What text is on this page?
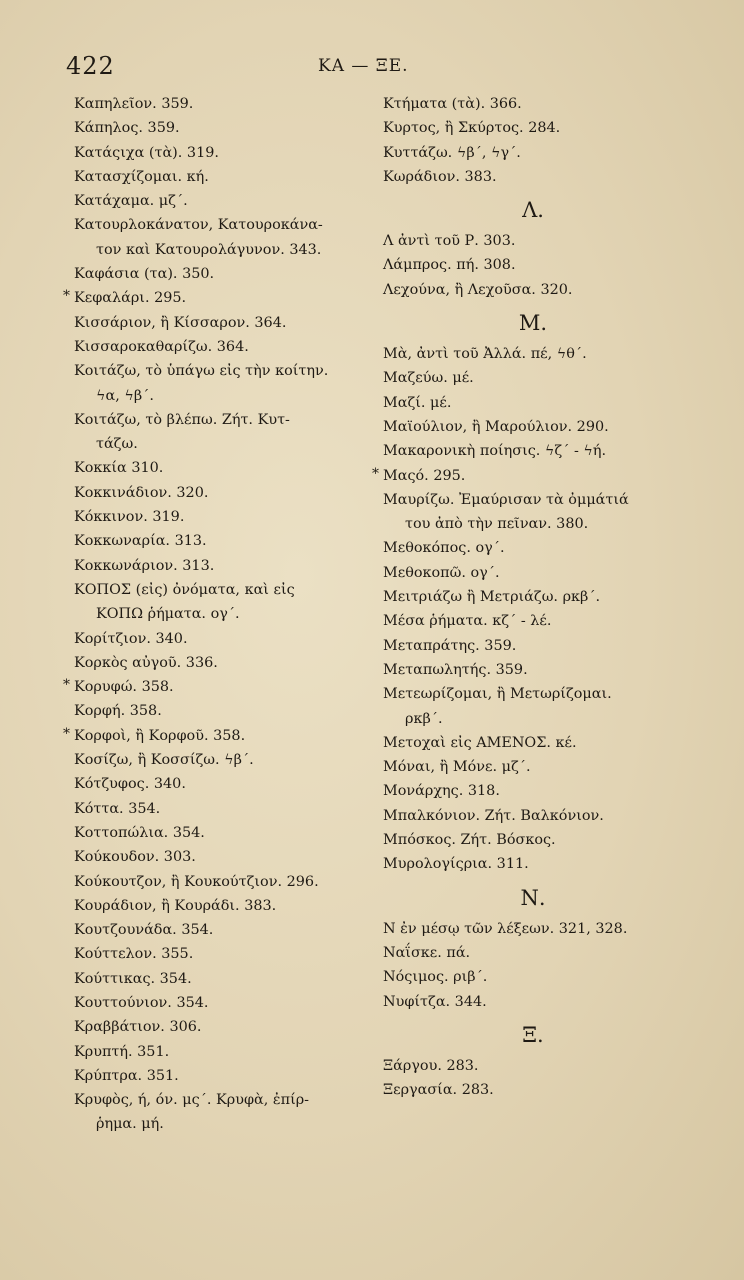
422	ΚΑ — ΞΕ.

Καπηλεῖον. 359.

Κάπηλος. 359.

Κατάςιχα (τὰ). 319.

Κατασχίζομαι. κή.

Κατάχαμα. μζ΄.

Κατουρλοκάνατον, Κατουροκάνα-
τον καὶ Κατουρολάγυνον. 343.

Καφάσια (τα). 350.

* Κεφαλάρι. 295.

Κισσάριον, ἢ Κίσσαρον. 364.

Κισσαροκαθαρίζω. 364.

Κοιτάζω, τὸ ὑπάγω εἰς τὴν κοίτην.
ϟα, ϟβ΄.

Κοιτάζω, τὸ βλέπω. Ζήτ. Κυτ-
τάζω.

Κοκκία 310.

Κοκκινάδιον. 320.

Κόκκινον. 319.

Κοκκωναρία. 313.

Κοκκωνάριον. 313.

ΚΟΠΟΣ (εἰς) ὀνόματα, καὶ εἰς
ΚΟΠΩ ῥήματα. ογ΄.

Κορίτζιον. 340.

Κορκὸς αὐγοῦ. 336.

* Κορυφώ. 358.

Κορφή. 358.

* Κορφοὶ, ἢ Κορφοῦ. 358.

Κοσίζω, ἢ Κοσσίζω. ϟβ΄.

Κότζυφος. 340.

Κόττα. 354.

Κοττοπώλια. 354.

Κούκουδον. 303.

Κούκουτζον, ἢ Κουκούτζιον. 296.

Κουράδιον, ἢ Κουράδι. 383.

Κουτζουνάδα. 354.

Κούττελον. 355.

Κούττικας. 354.

Κουττούνιον. 354.

Κραββάτιον. 306.

Κρυπτή. 351.

Κρύπτρα. 351.

Κρυφὸς, ή, όν. μς΄. Κρυφὰ, ἐπίρ-
ῥημα. μή.

Κτήματα (τὰ). 366.

Κυρτος, ἢ Σκύρτος. 284.

Κυττάζω. ϟβ΄, ϟγ΄.

Κωράδιον. 383.

Λ.

Λ ἀντὶ τοῦ Ρ. 303.

Λάμπρος. πή. 308.

Λεχούνα, ἢ Λεχοῦσα. 320.

Μ.

Μὰ, ἀντὶ τοῦ Ἀλλά. πέ, ϟθ΄.

Μαζεύω. μέ.

Μαζί. μέ.

Μαϊούλιον, ἢ Μαρούλιον. 290.

Μακαρονικὴ ποίησις. ϟζ΄ - ϟή.

* Μαςό. 295.

Μαυρίζω. Ἐμαύρισαν τὰ ὀμμάτιά
του ἀπὸ τὴν πεῖναν. 380.

Μεθοκόπος. ογ΄.

Μεθοκοπῶ. ογ΄.

Μειτριάζω ἢ Μετριάζω. ρκβ΄.

Μέσα ῥήματα. κζ΄ - λέ.

Μεταπράτης. 359.

Μεταπωλητής. 359.

Μετεωρίζομαι, ἢ Μετωρίζομαι.
ρκβ΄.

Μετοχαὶ εἰς ΑΜΕΝΟΣ. κέ.

Μόναι, ἢ Μόνε. μζ΄.

Μονάρχης. 318.

Μπαλκόνιον. Ζήτ. Βαλκόνιον.

Μπόσκος. Ζήτ. Βόσκος.

Μυρολογίςρια. 311.

Ν.

Ν ἐν μέσῳ τῶν λέξεων. 321, 328.

Ναΐσκε. πά.

Νόςιμος. ριβ΄.

Νυφίτζα. 344.

Ξ.

Ξάργου. 283.

Ξεργασία. 283.
